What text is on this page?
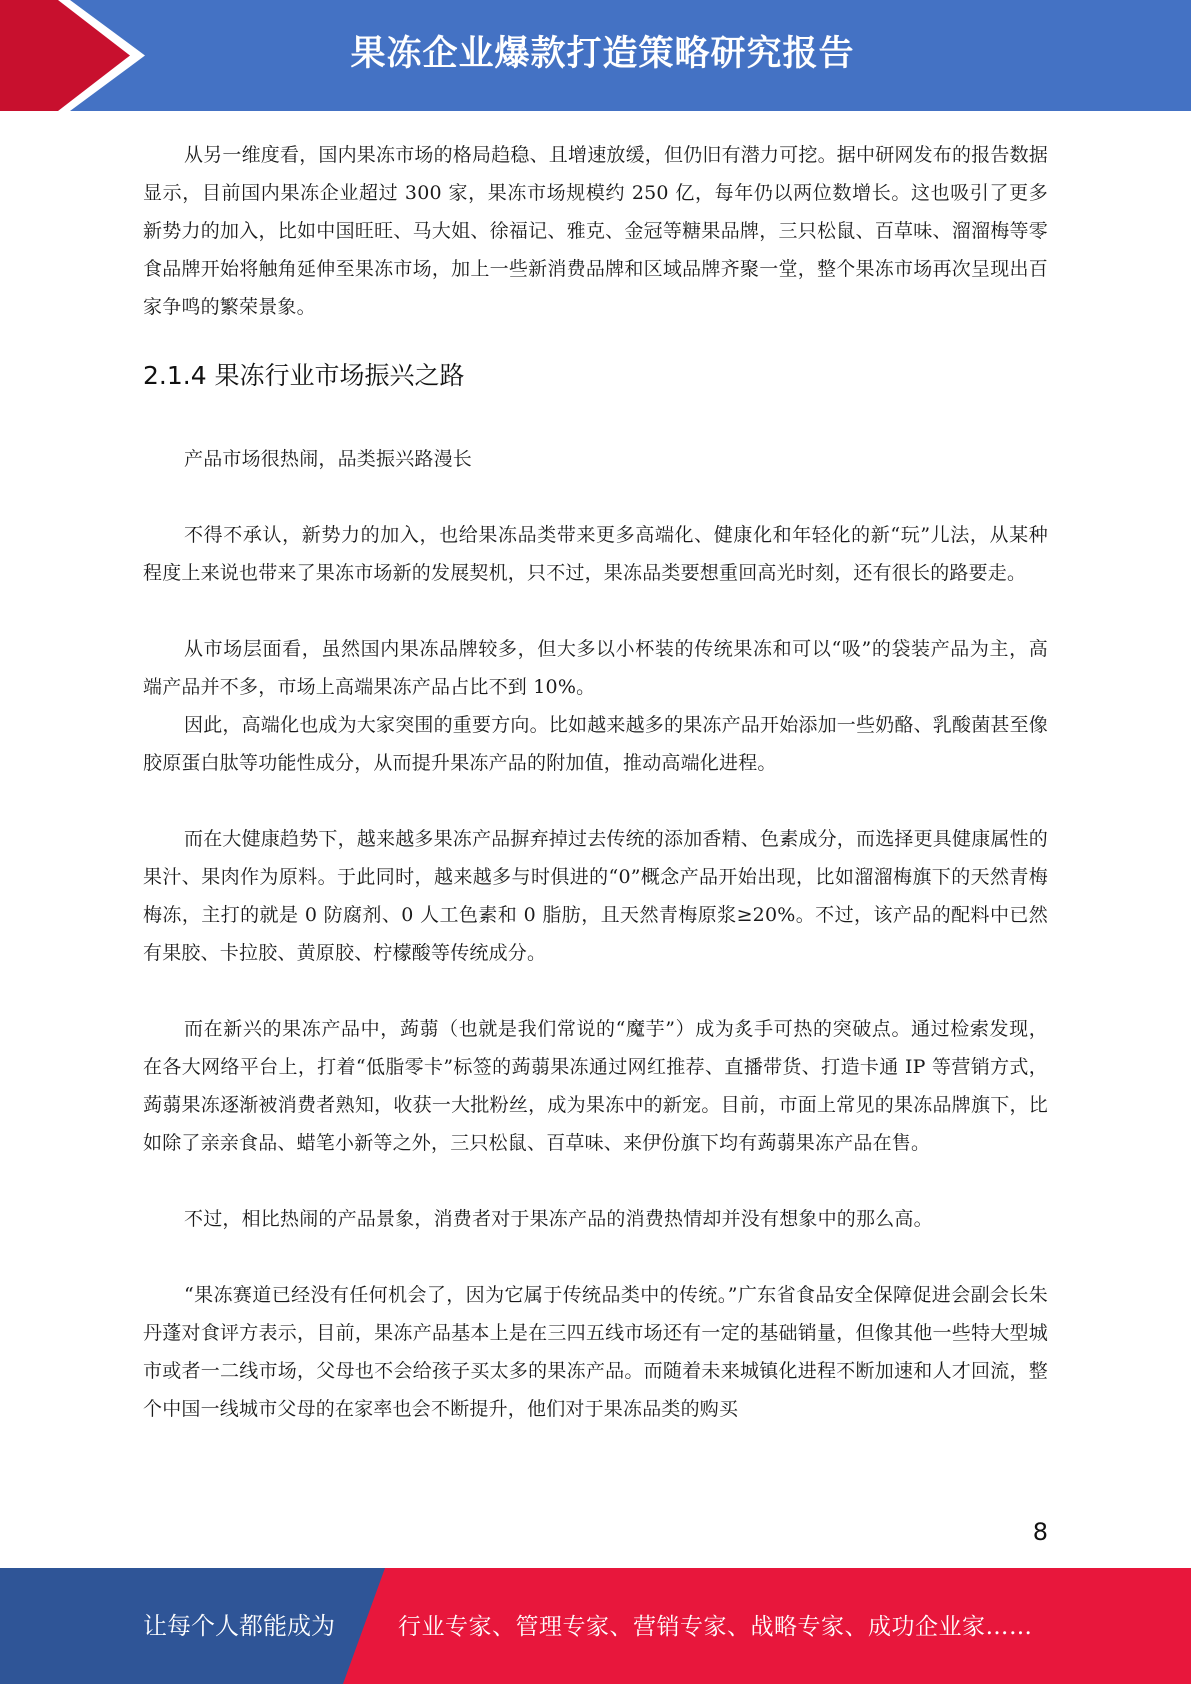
果冻企业爆款打造策略研究报告

从另一维度看，国内果冻市场的格局趋稳、且增速放缓，但仍旧有潜力可挖。据中研网发布的报告数据显示，目前国内果冻企业超过 300 家，果冻市场规模约 250 亿，每年仍以两位数增长。这也吸引了更多新势力的加入，比如中国旺旺、马大姐、徐福记、雅克、金冠等糖果品牌，三只松鼠、百草味、溜溜梅等零食品牌开始将触角延伸至果冻市场，加上一些新消费品牌和区域品牌齐聚一堂，整个果冻市场再次呈现出百家争鸣的繁荣景象。

2.1.4 果冻行业市场振兴之路

产品市场很热闹，品类振兴路漫长

不得不承认，新势力的加入，也给果冻品类带来更多高端化、健康化和年轻化的新“玩”儿法，从某种程度上来说也带来了果冻市场新的发展契机，只不过，果冻品类要想重回高光时刻，还有很长的路要走。

从市场层面看，虽然国内果冻品牌较多，但大多以小杯装的传统果冻和可以“吸”的袋装产品为主，高端产品并不多，市场上高端果冻产品占比不到 10%。

因此，高端化也成为大家突围的重要方向。比如越来越多的果冻产品开始添加一些奶酪、乳酸菌甚至像胶原蛋白肽等功能性成分，从而提升果冻产品的附加值，推动高端化进程。

而在大健康趋势下，越来越多果冻产品摒弃掉过去传统的添加香精、色素成分，而选择更具健康属性的果汁、果肉作为原料。于此同时，越来越多与时俱进的“0”概念产品开始出现，比如溜溜梅旗下的天然青梅梅冻，主打的就是 0 防腐剂、0 人工色素和 0 脂肪，且天然青梅原浆≥20%。不过，该产品的配料中已然有果胶、卡拉胶、黄原胶、柠檬酸等传统成分。

而在新兴的果冻产品中，蒟蒻（也就是我们常说的“魔芋”）成为炙手可热的突破点。通过检索发现，在各大网络平台上，打着“低脂零卡”标签的蒟蒻果冻通过网红推荐、直播带货、打造卡通 IP 等营销方式，蒟蒻果冻逐渐被消费者熟知，收获一大批粉丝，成为果冻中的新宠。目前，市面上常见的果冻品牌旗下，比如除了亲亲食品、蜡笔小新等之外，三只松鼠、百草味、来伊份旗下均有蒟蒻果冻产品在售。

不过，相比热闹的产品景象，消费者对于果冻产品的消费热情却并没有想象中的那么高。

“果冻赛道已经没有任何机会了，因为它属于传统品类中的传统。”广东省食品安全保障促进会副会长朱丹蓬对食评方表示，目前，果冻产品基本上是在三四五线市场还有一定的基础销量，但像其他一些特大型城市或者一二线市场，父母也不会给孩子买太多的果冻产品。而随着未来城镇化进程不断加速和人才回流，整个中国一线城市父母的在家率也会不断提升，他们对于果冻品类的购买

8
让每个人都能成为	行业专家、管理专家、营销专家、战略专家、成功企业家……
